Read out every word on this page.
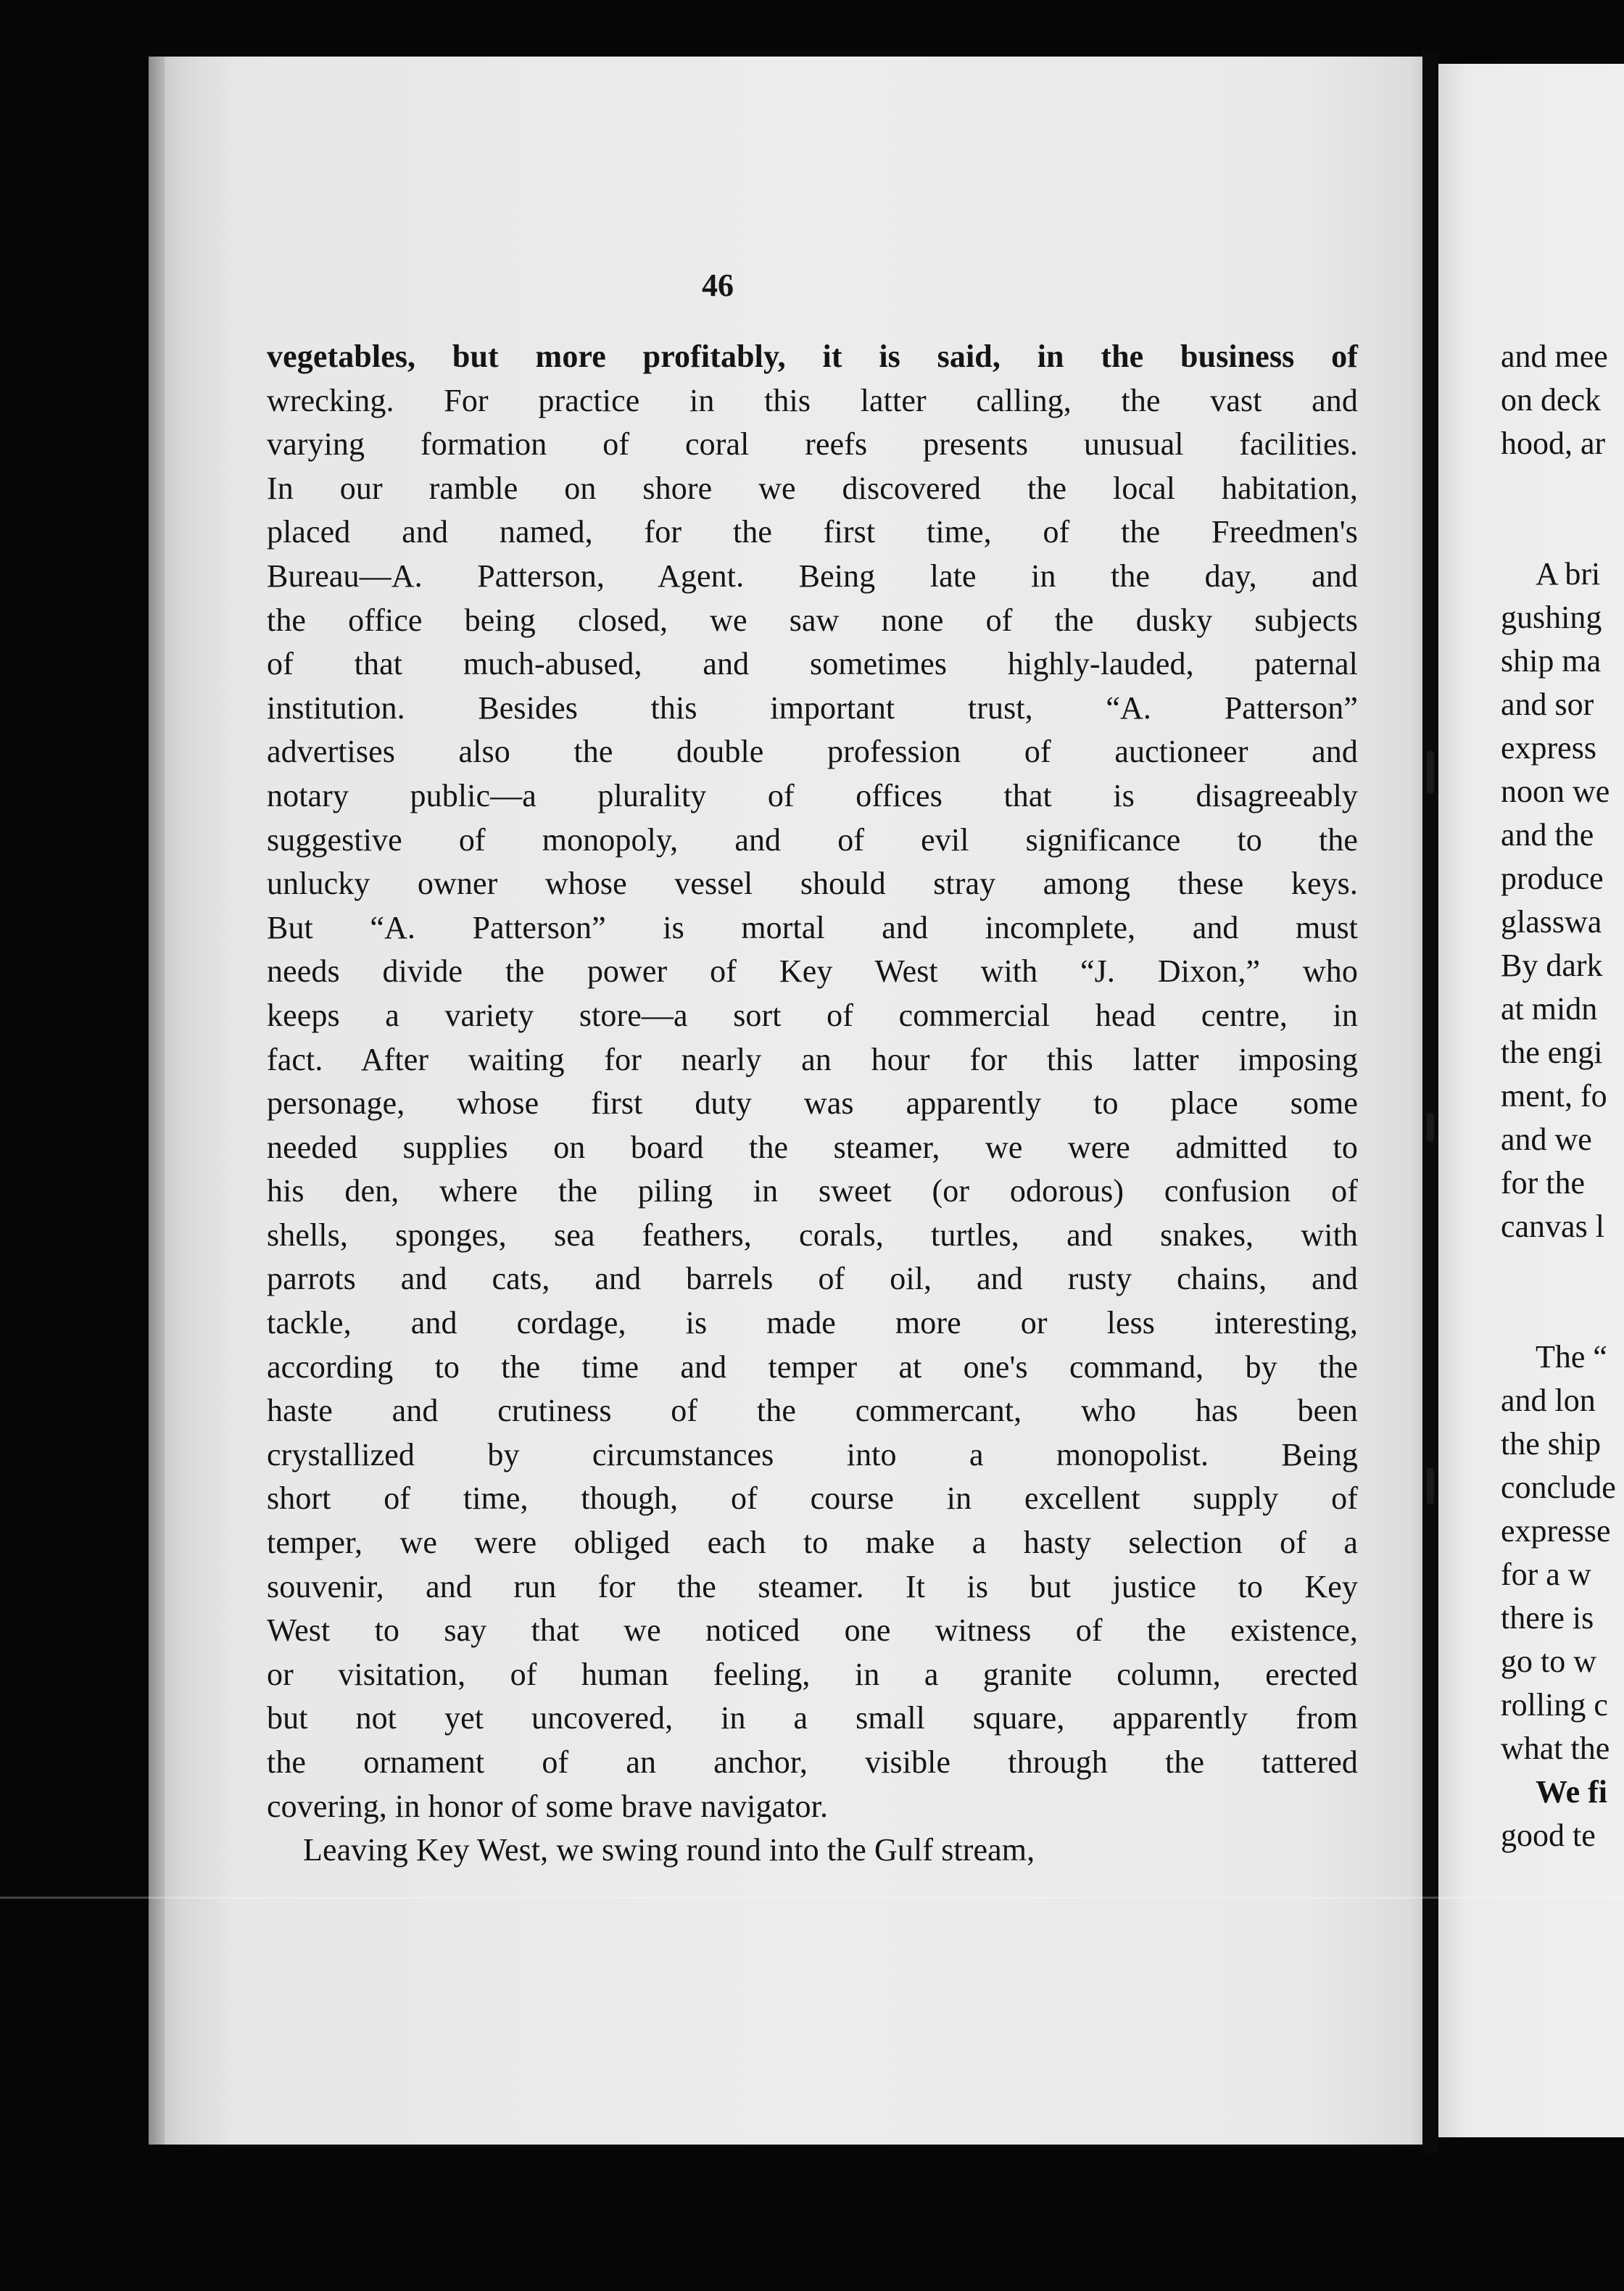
46
vegetables, but more profitably, it is said, in the business of
wrecking. For practice in this latter calling, the vast and
varying formation of coral reefs presents unusual facilities.
In our ramble on shore we discovered the local habitation,
placed and named, for the first time, of the Freedmen's
Bureau—A. Patterson, Agent. Being late in the day, and
the office being closed, we saw none of the dusky subjects
of that much-abused, and sometimes highly-lauded, paternal
institution. Besides this important trust, “A. Patterson”
advertises also the double profession of auctioneer and
notary public—a plurality of offices that is disagreeably
suggestive of monopoly, and of evil significance to the
unlucky owner whose vessel should stray among these keys.
But “A. Patterson” is mortal and incomplete, and must
needs divide the power of Key West with “J. Dixon,” who
keeps a variety store—a sort of commercial head centre, in
fact. After waiting for nearly an hour for this latter imposing
personage, whose first duty was apparently to place some
needed supplies on board the steamer, we were admitted to
his den, where the piling in sweet (or odorous) confusion of
shells, sponges, sea feathers, corals, turtles, and snakes, with
parrots and cats, and barrels of oil, and rusty chains, and
tackle, and cordage, is made more or less interesting,
according to the time and temper at one's command, by the
haste and crutiness of the commercant, who has been
crystallized by circumstances into a monopolist. Being
short of time, though, of course in excellent supply of
temper, we were obliged each to make a hasty selection of a
souvenir, and run for the steamer. It is but justice to Key
West to say that we noticed one witness of the existence,
or visitation, of human feeling, in a granite column, erected
but not yet uncovered, in a small square, apparently from
the ornament of an anchor, visible through the tattered
covering, in honor of some brave navigator.
Leaving Key West, we swing round into the Gulf stream,
and mee
on deck
hood, ar
A bri
gushing
ship ma
and sor
express
noon we
and the
produce
glasswa
By dark
at midn
the engi
ment, fo
and we
for the
canvas l
The “
and lon
the ship
conclude
expresse
for a w
there is
go to w
rolling c
what the
We fi
good te
